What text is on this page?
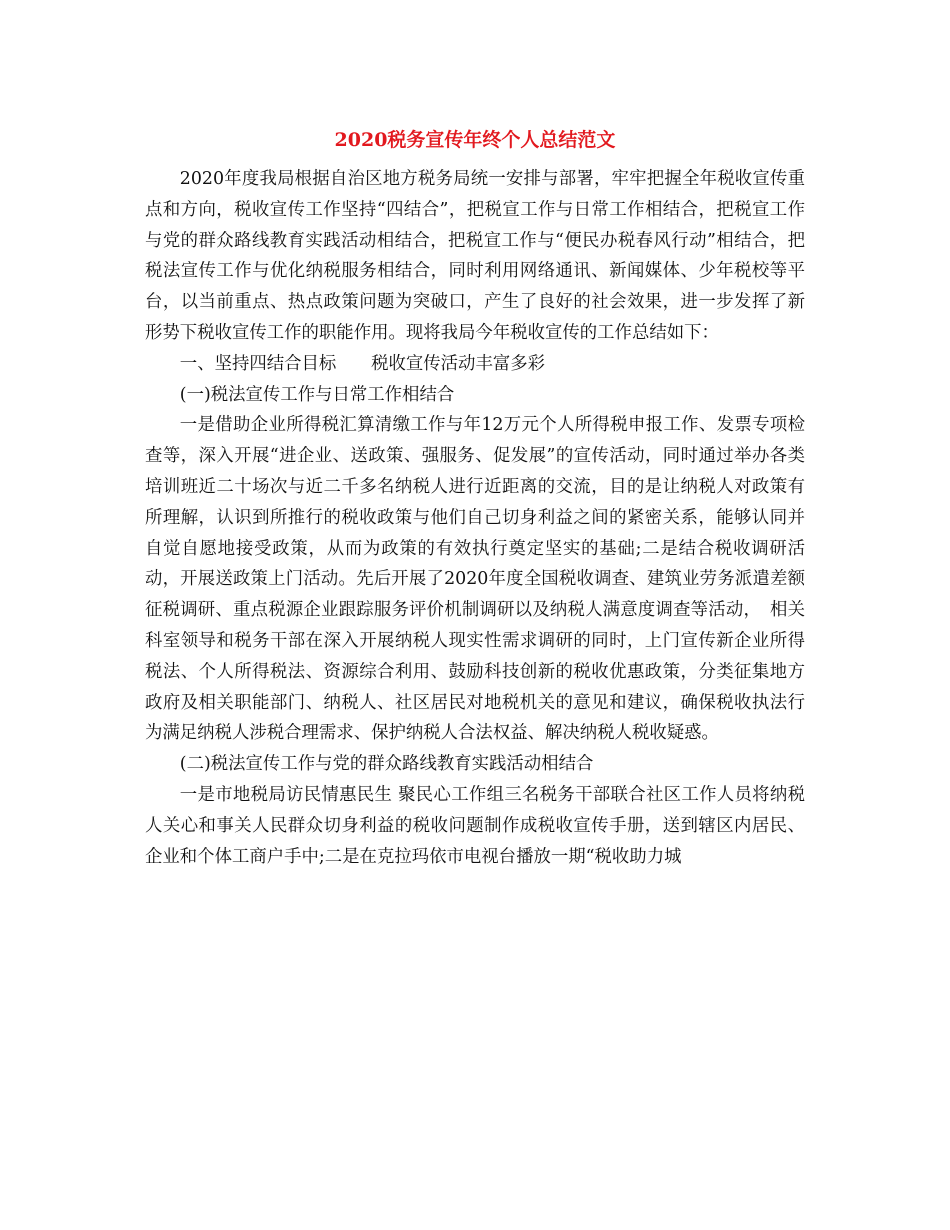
2020税务宣传年终个人总结范文

2020年度我局根据自治区地方税务局统一安排与部署，牢牢把握全年税收宣传重点和方向，税收宣传工作坚持“四结合”，把税宣工作与日常工作相结合，把税宣工作与党的群众路线教育实践活动相结合，把税宣工作与“便民办税春风行动”相结合，把税法宣传工作与优化纳税服务相结合，同时利用网络通讯、新闻媒体、少年税校等平台，以当前重点、热点政策问题为突破口，产生了良好的社会效果，进一步发挥了新形势下税收宣传工作的职能作用。现将我局今年税收宣传的工作总结如下：

一、坚持四结合目标　　税收宣传活动丰富多彩

(一)税法宣传工作与日常工作相结合

一是借助企业所得税汇算清缴工作与年12万元个人所得税申报工作、发票专项检查等，深入开展“进企业、送政策、强服务、促发展”的宣传活动，同时通过举办各类培训班近二十场次与近二千多名纳税人进行近距离的交流，目的是让纳税人对政策有所理解，认识到所推行的税收政策与他们自己切身利益之间的紧密关系，能够认同并自觉自愿地接受政策，从而为政策的有效执行奠定坚实的基础;二是结合税收调研活动，开展送政策上门活动。先后开展了2020年度全国税收调查、建筑业劳务派遣差额征税调研、重点税源企业跟踪服务评价机制调研以及纳税人满意度调查等活动，　相关科室领导和税务干部在深入开展纳税人现实性需求调研的同时，上门宣传新企业所得税法、个人所得税法、资源综合利用、鼓励科技创新的税收优惠政策，分类征集地方政府及相关职能部门、纳税人、社区居民对地税机关的意见和建议，确保税收执法行为满足纳税人涉税合理需求、保护纳税人合法权益、解决纳税人税收疑惑。

(二)税法宣传工作与党的群众路线教育实践活动相结合

一是市地税局访民情惠民生 聚民心工作组三名税务干部联合社区工作人员将纳税人关心和事关人民群众切身利益的税收问题制作成税收宣传手册，送到辖区内居民、企业和个体工商户手中;二是在克拉玛依市电视台播放一期“税收助力城
